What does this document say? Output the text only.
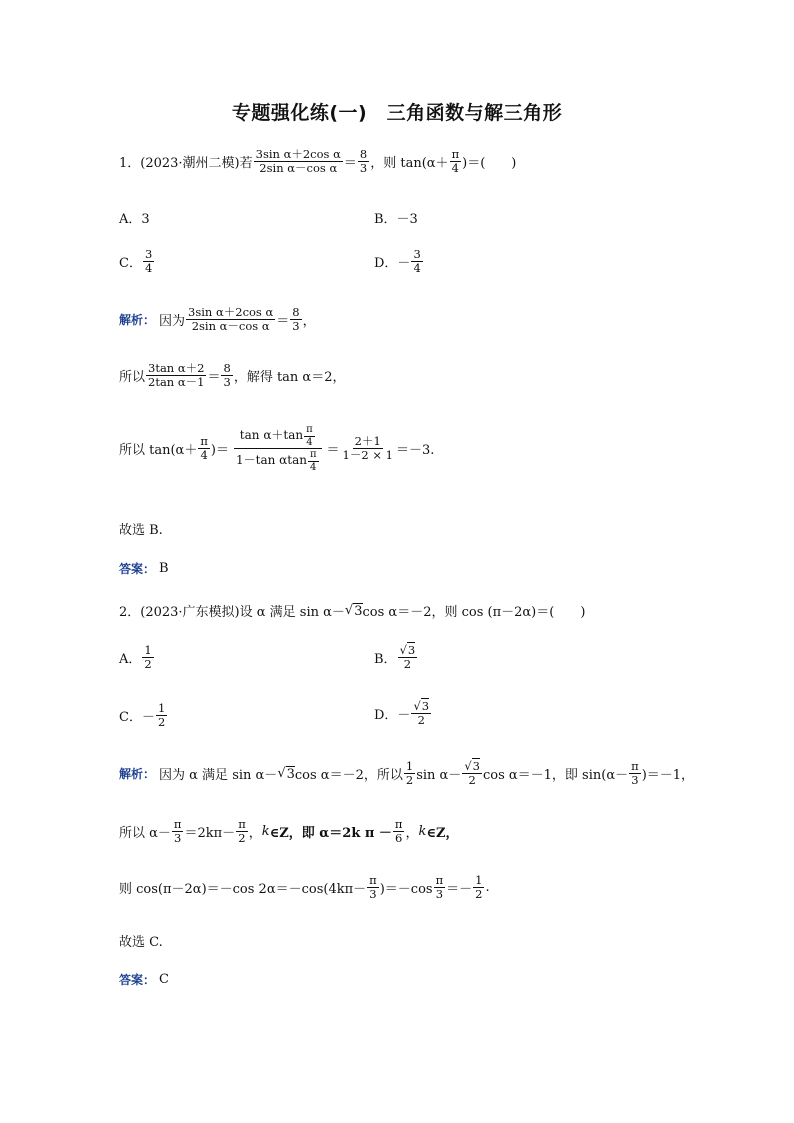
专题强化练(一)　三角函数与解三角形
1．(2023·潮州二模)若 $\frac{\text{3sin α＋2cos α}}{\text{2sin α－cos α}} = \frac{8}{3}$ ，则 $\tan(\alpha+ \frac{\pi}{4}$ )＝(　　)
A．3	B．－3
C． $\frac{3}{4}$	D．－ $\frac{3}{4}$
解析： 因为 $\frac{\text{3sin α＋2cos α}}{\text{2sin α－cos α}} = \frac{8}{3}$ ，
所以 $\frac{\text{3tan α＋2}}{\text{2tan α－1}} = \frac{8}{3}$ ，解得 tan α＝2，
所以 $\tan(\alpha+ \frac{\pi}{4}$ )＝ $\frac{\tan \alpha+\tan \frac{\pi}{4}}{1-\tan \alpha\tan \frac{\pi}{4}} = \frac{2+1}{1-2 \times 1} =-3$.
故选 B.
答案： B
2．(2023·广东模拟)设 α 满足 sin α－ √ 3 cos α＝－2，则 cos (π－2α)＝(　　)
A． $\frac{1}{2}$	B． $\frac{√3}{2}$
C．－ $\frac{1}{2}$	D．－ $\frac{√3}{2}$
解析： 因为 α 满足 sin α－ √ 3 cos α＝－2，所以 $\frac{1}{2}$ $\sin \alpha- \frac{√3}{2}$ cos α＝－1，即 $\sin(\alpha- \frac{\pi}{3} )=-1$，
所以 $\alpha- \frac{\pi}{3} =2k\pi- \frac{\pi}{2}$ ， k ∈Z，即 α＝2k $\pi - \frac{\pi}{6}$ ， k ∈Z，
则 cos(π－2α)＝－cos $2\alpha=-\cos(4k\pi- \frac{\pi}{3} )=-\cos \frac{\pi}{3} =- \frac{1}{2}$ .
故选 C.
答案： C
